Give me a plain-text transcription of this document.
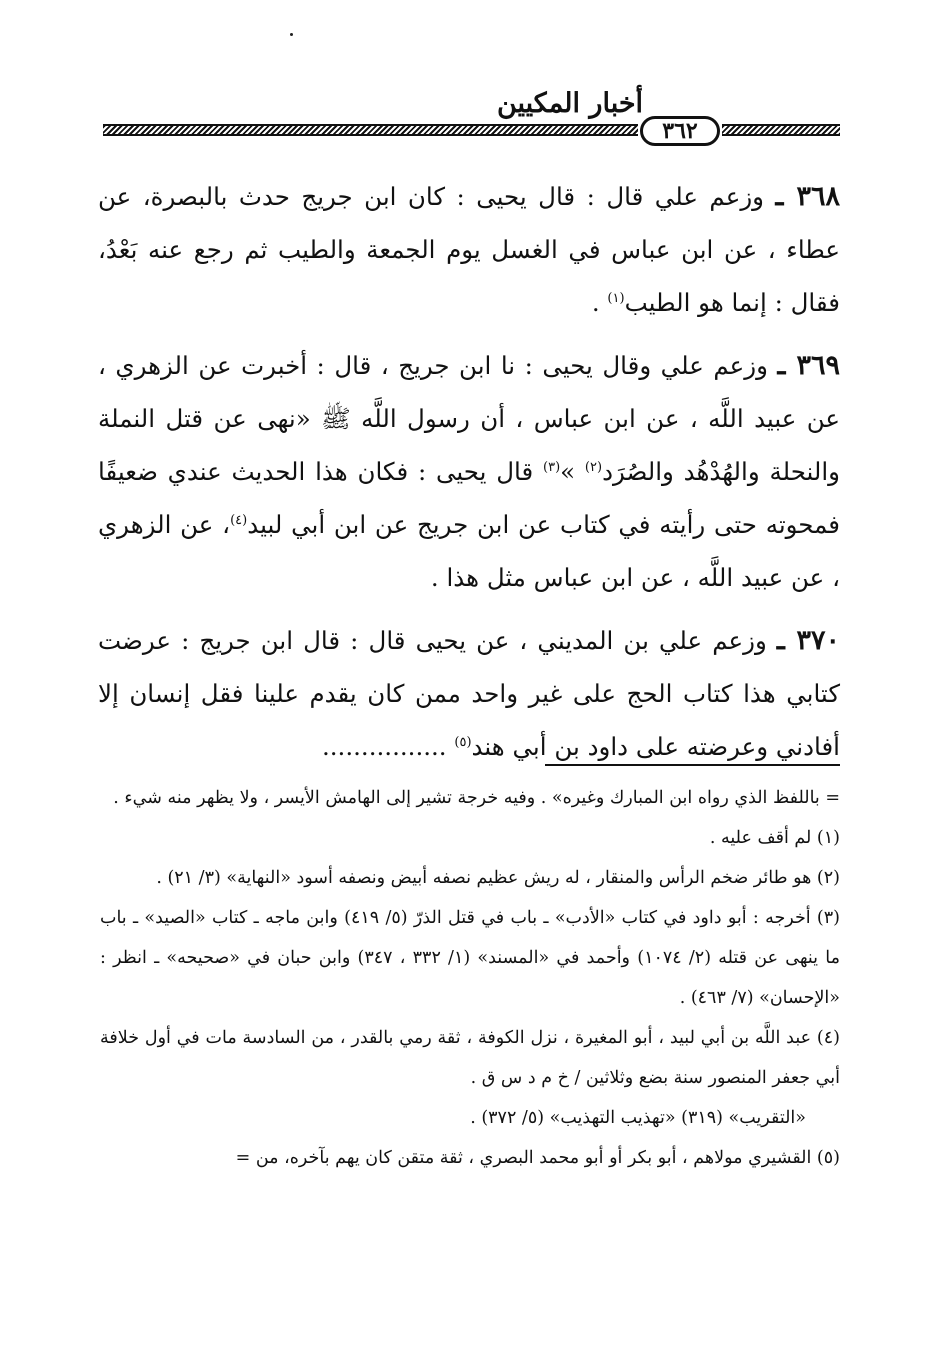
أخبار المكيين
٣٦٢

٣٦٨ ـ وزعم علي قال : قال يحيى : كان ابن جريج حدث بالبصرة، عن عطاء ، عن ابن عباس في الغسل يوم الجمعة والطيب ثم رجع عنه بَعْدُ، فقال : إنما هو الطيب$^{(١)}$ .

٣٦٩ ـ وزعم علي وقال يحيى : نا ابن جريج ، قال : أخبرت عن الزهري ، عن عبيد اللَّه ، عن ابن عباس ، أن رسول اللَّه ﷺ «نهى عن قتل النملة والنحلة والهُدْهُد والصُرَد$^{(٢)}$ »$^{(٣)}$ قال يحيى : فكان هذا الحديث عندي ضعيفًا فمحوته حتى رأيته في كتاب عن ابن جريج عن ابن أبي لبيد$^{(٤)}$، عن الزهري ، عن عبيد اللَّه ، عن ابن عباس مثل هذا .

٣٧٠ ـ وزعم علي بن المديني ، عن يحيى قال : قال ابن جريج : عرضت كتابي هذا كتاب الحج على غير واحد ممن كان يقدم علينا فقل إنسان إلا أفادني وعرضته على داود بن أبي هند$^{(٥)}$ ................

= باللفظ الذي رواه ابن المبارك وغيره» . وفيه خرجة تشير إلى الهامش الأيسر ، ولا يظهر منه شيء .

(١) لم أقف عليه .

(٢) هو طائر ضخم الرأس والمنقار ، له ريش عظيم نصفه أبيض ونصفه أسود «النهاية» (٣/ ٢١) .

(٣) أخرجه : أبو داود في كتاب «الأدب» ـ باب في قتل الذرّ (٥/ ٤١٩) وابن ماجه ـ كتاب «الصيد» ـ باب ما ينهى عن قتله (٢/ ١٠٧٤) وأحمد في «المسند» (١/ ٣٣٢ ، ٣٤٧) وابن حبان في «صحيحه» ـ انظر : «الإحسان» (٧/ ٤٦٣) .

(٤) عبد اللَّه بن أبي لبيد ، أبو المغيرة ، نزل الكوفة ، ثقة رمي بالقدر ، من السادسة مات في أول خلافة أبي جعفر المنصور سنة بضع وثلاثين / خ م د س ق .

«التقريب» (٣١٩) «تهذيب التهذيب» (٥/ ٣٧٢) .

(٥) القشيري مولاهم ، أبو بكر أو أبو محمد البصري ، ثقة متقن كان يهم بآخره، من =
